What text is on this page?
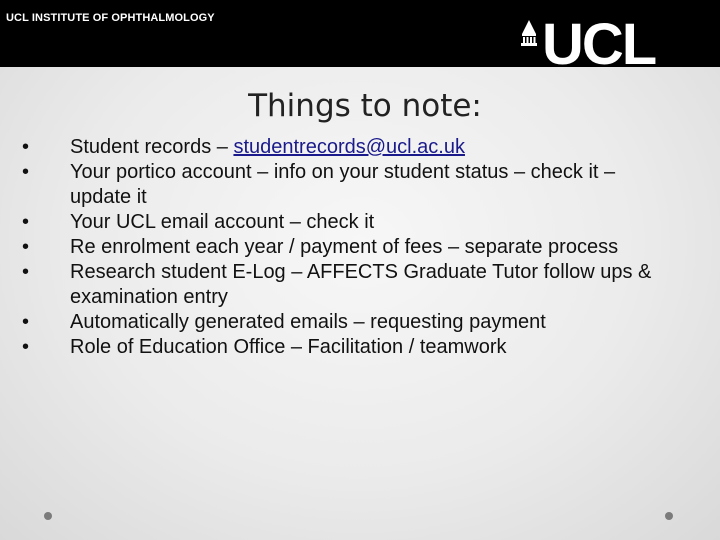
UCL INSTITUTE OF OPHTHALMOLOGY	UCL
Things to note:
• Student records – studentrecords@ucl.ac.uk
• Your portico account – info on your student status – check it – update it
• Your UCL email account – check it
• Re enrolment each year / payment of fees – separate process
• Research student E-Log – AFFECTS Graduate Tutor follow ups & examination entry
• Automatically generated emails – requesting payment
• Role of Education Office – Facilitation / teamwork
